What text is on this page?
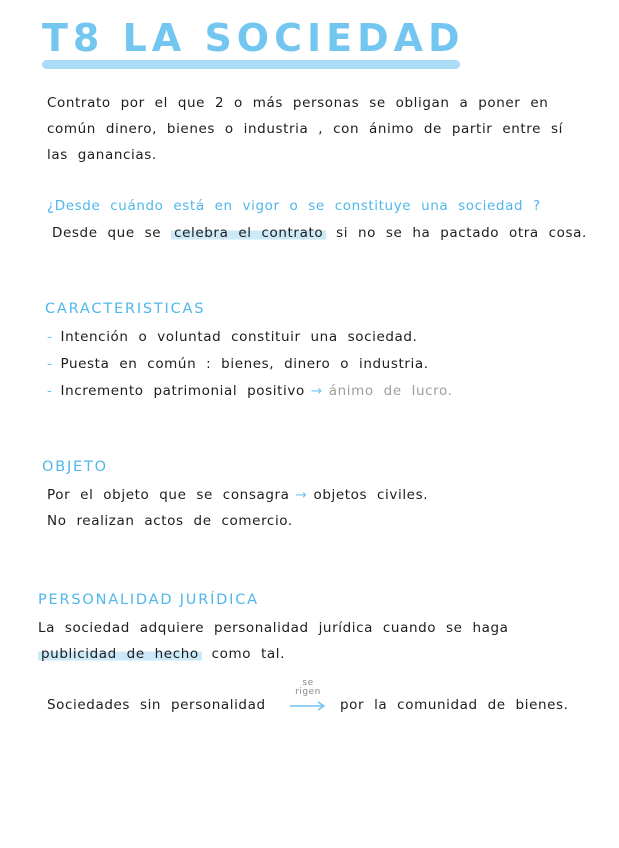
T8 LA SOCIEDAD
Contrato por el que 2 o más personas se obligan a poner en
común dinero, bienes o industria , con ánimo de partir entre sí
las ganancias.
¿Desde cuándo está en vigor o se constituye una sociedad ?
Desde que se celebra el contrato si no se ha pactado otra cosa.
CARACTERISTICAS
- Intención o voluntad constituir una sociedad.
- Puesta en común : bienes, dinero o industria.
- Incremento patrimonial positivo → ánimo de lucro.
OBJETO
Por el objeto que se consagra → objetos civiles.
No realizan actos de comercio.
PERSONALIDAD JURÍDICA
La sociedad adquiere personalidad jurídica cuando se haga
publicidad de hecho como tal.
Sociedades sin personalidad
se
rigen
por la comunidad de bienes.
